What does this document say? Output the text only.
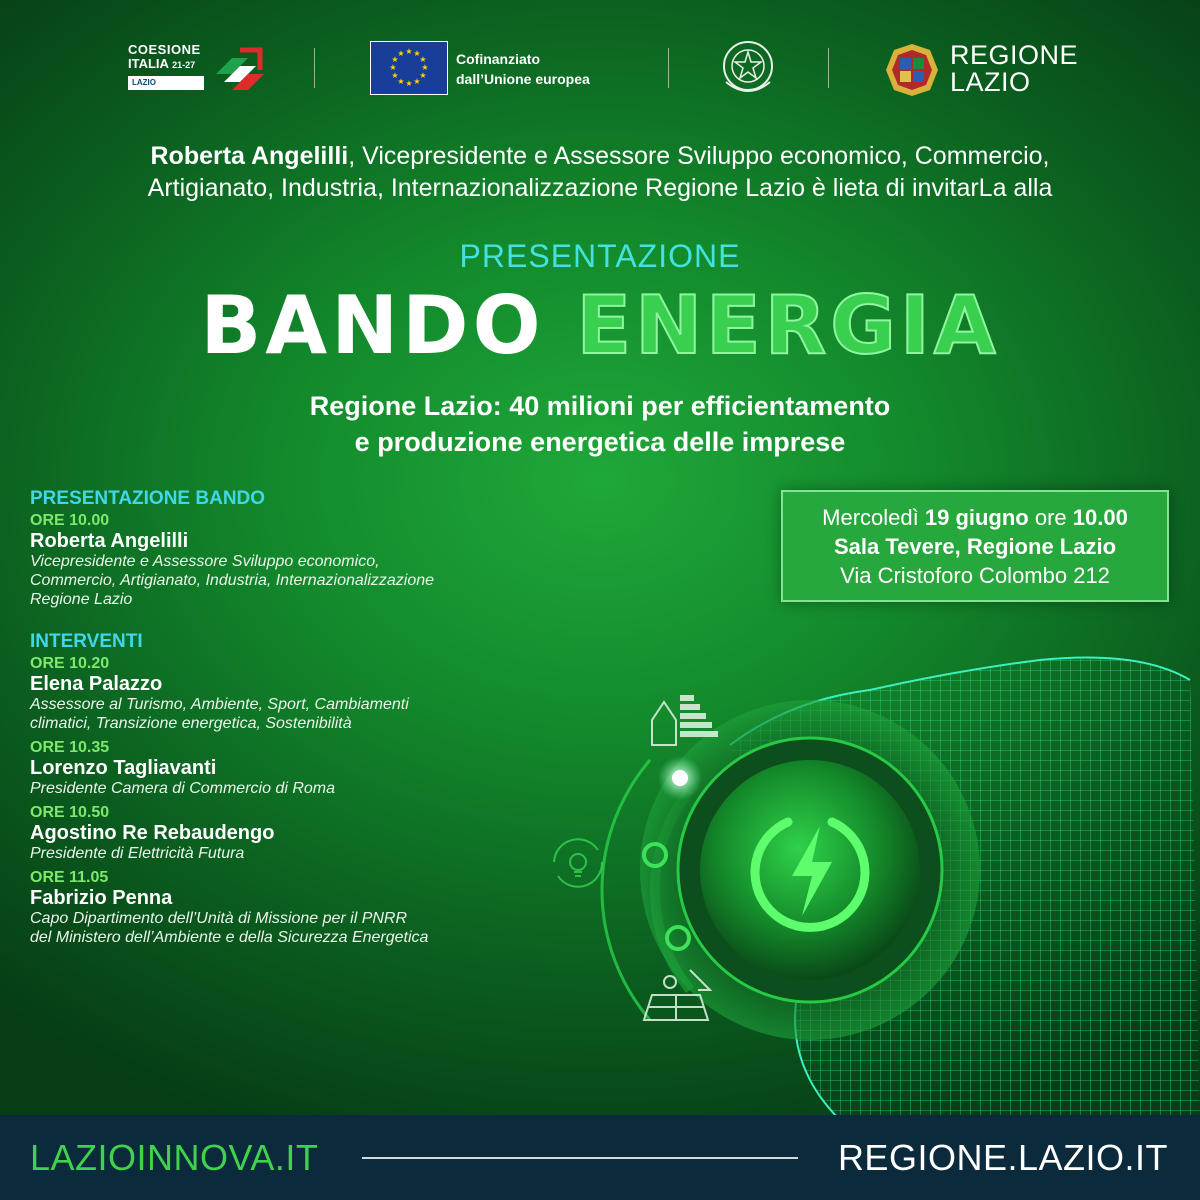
COESIONE
ITALIA 21-27
LAZIO
★ ★
★
★
★
★
★
★
★
★
★
★	Cofinanziato
dall’Unione europea
REGIONE
LAZIO
Roberta Angelilli, Vicepresidente e Assessore Sviluppo economico, Commercio,
Artigianato, Industria, Internazionalizzazione Regione Lazio è lieta di invitarLa alla
PRESENTAZIONE
BANDO ENERGIA
Regione Lazio: 40 milioni per efficientamento
e produzione energetica delle imprese
PRESENTAZIONE BANDO
ORE 10.00
Roberta Angelilli
Vicepresidente e Assessore Sviluppo economico,
Commercio, Artigianato, Industria, Internazionalizzazione
Regione Lazio
INTERVENTI
ORE 10.20
Elena Palazzo
Assessore al Turismo, Ambiente, Sport, Cambiamenti
climatici, Transizione energetica, Sostenibilità
ORE 10.35
Lorenzo Tagliavanti
Presidente Camera di Commercio di Roma
ORE 10.50
Agostino Re Rebaudengo
Presidente di Elettricità Futura
ORE 11.05
Fabrizio Penna
Capo Dipartimento dell’Unità di Missione per il PNRR
del Ministero dell’Ambiente e della Sicurezza Energetica
Mercoledì 19 giugno ore 10.00
Sala Tevere, Regione Lazio
Via Cristoforo Colombo 212
LAZIOINNOVA.IT	REGIONE.LAZIO.IT
